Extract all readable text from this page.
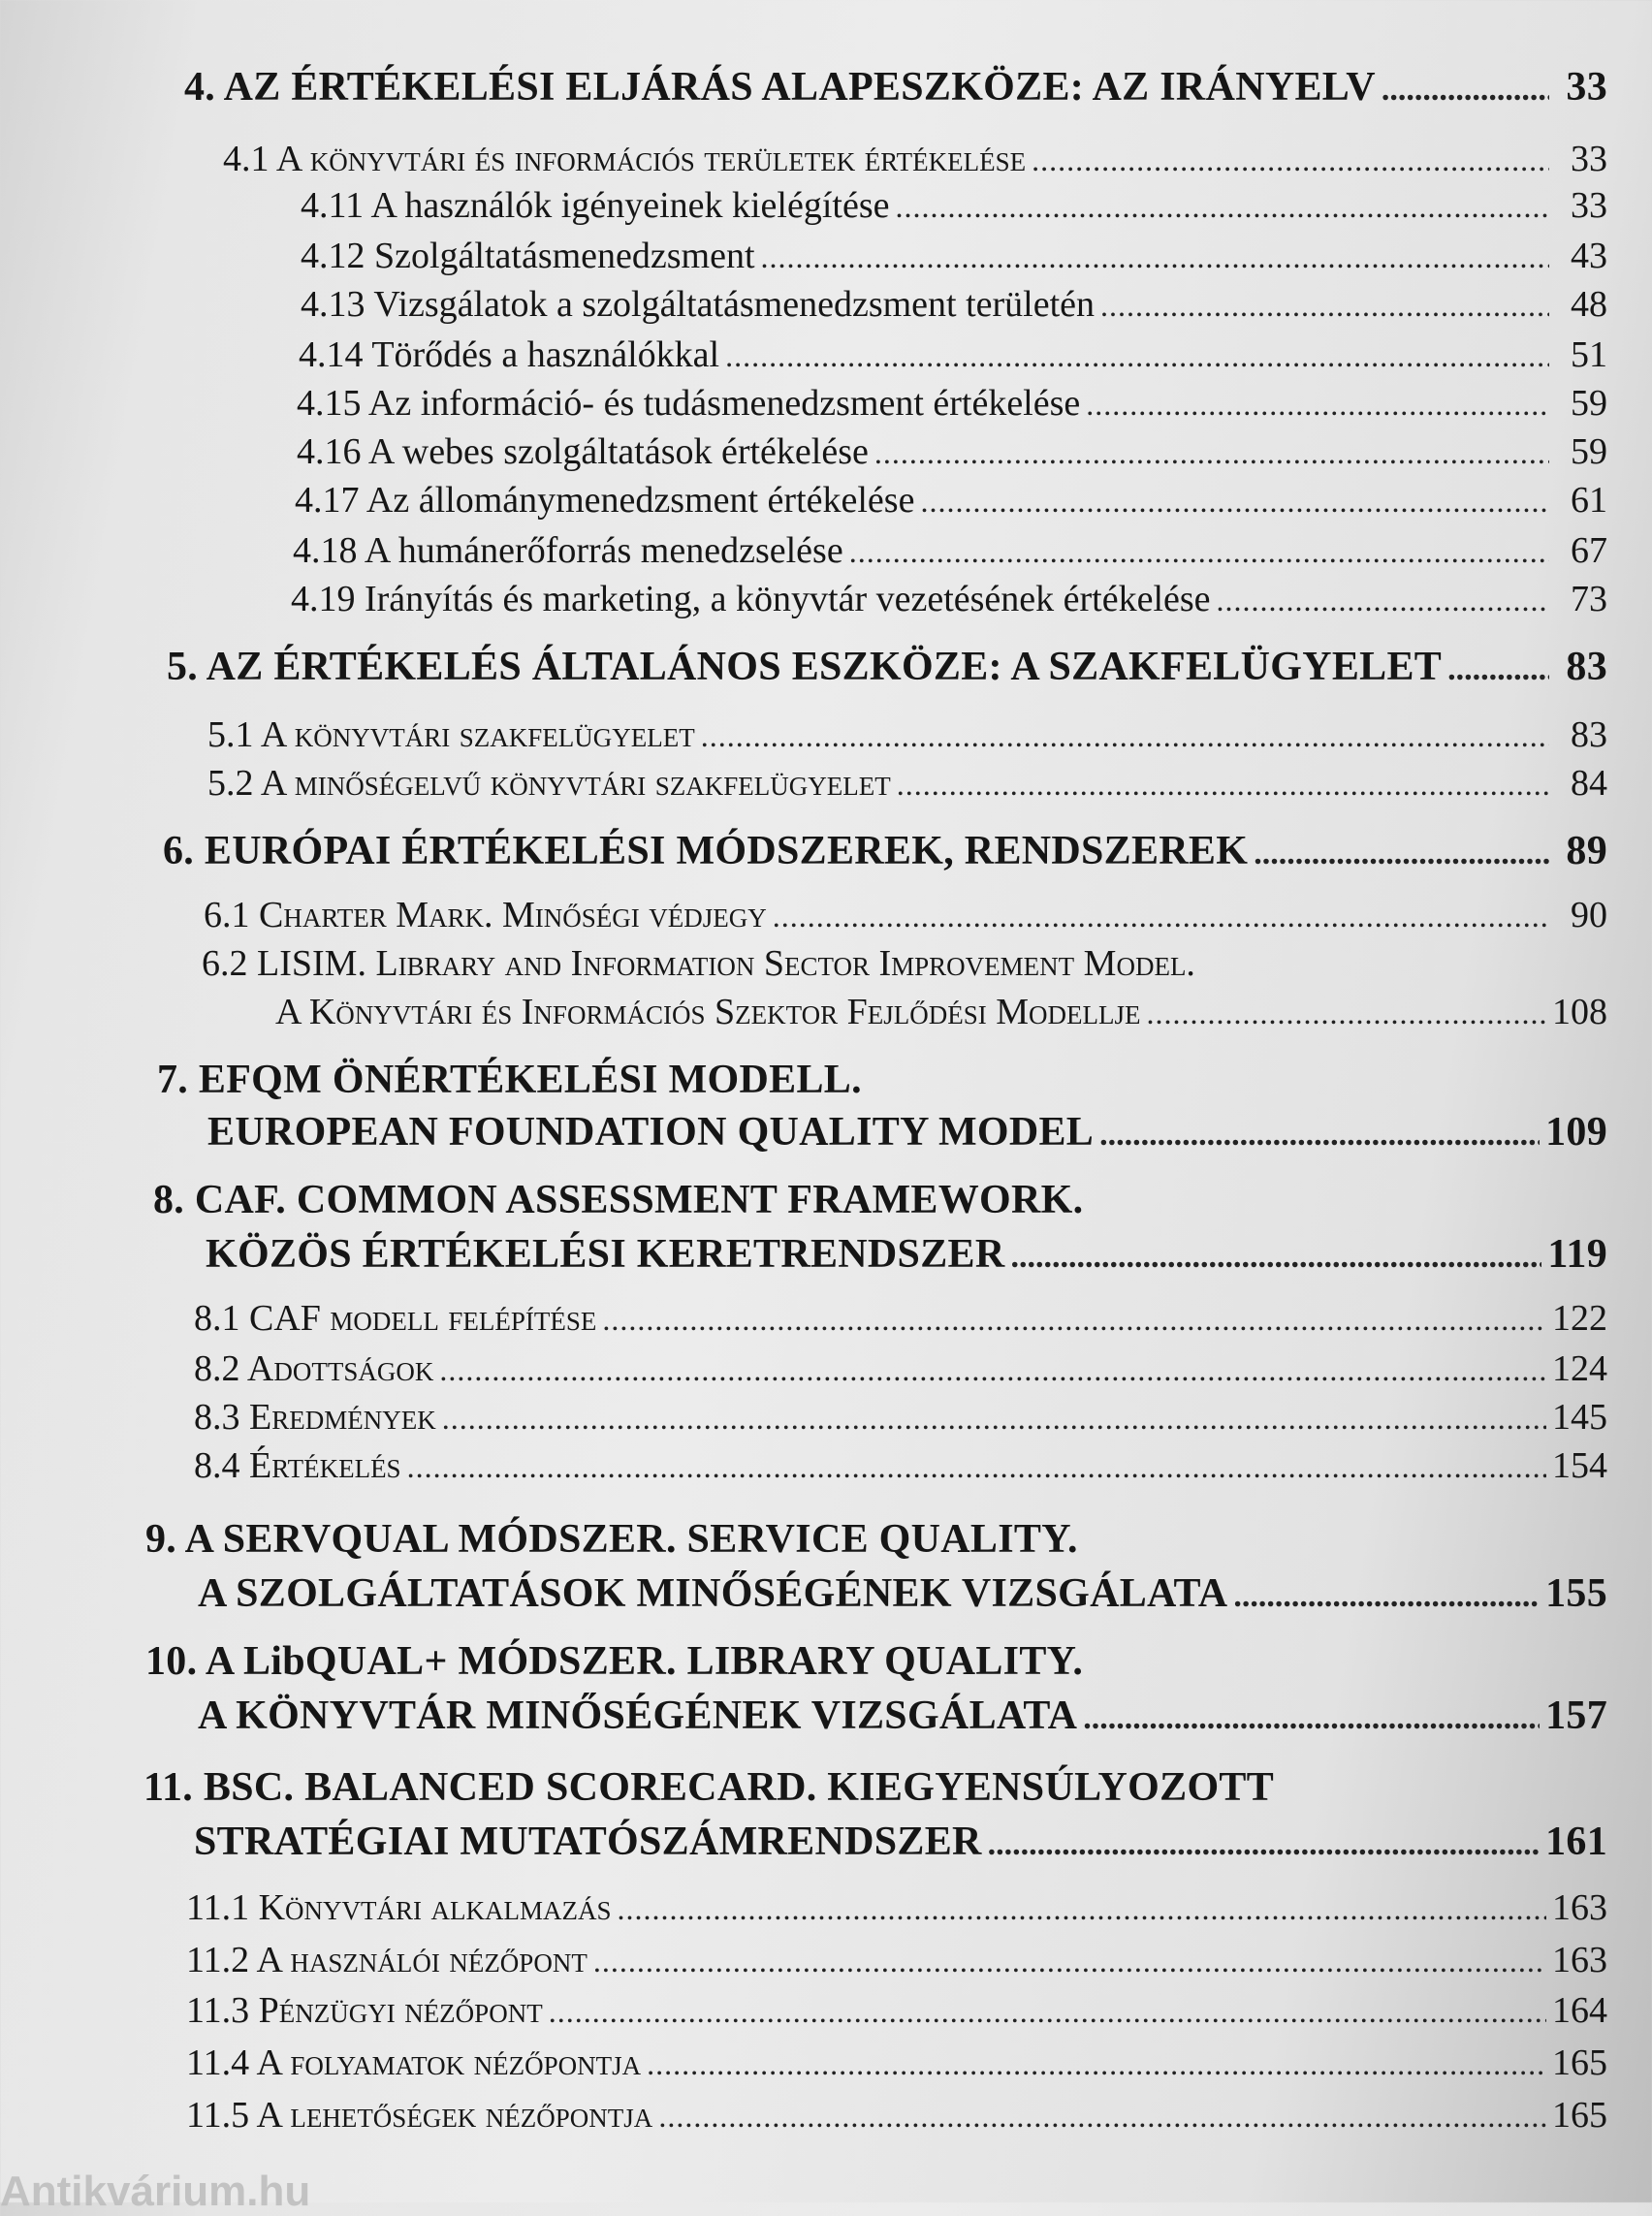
4. AZ ÉRTÉKELÉSI ELJÁRÁS ALAPESZKÖZE: AZ IRÁNYELV .....	33
4.1 A könyvtári és információs területek értékelése .....	33
4.11 A használók igényeinek kielégítése .....	33
4.12 Szolgáltatásmenedzsment .....	43
4.13 Vizsgálatok a szolgáltatásmenedzsment területén .....	48
4.14 Törődés a használókkal .....	51
4.15 Az információ- és tudásmenedzsment értékelése .....	59
4.16 A webes szolgáltatások értékelése .....	59
4.17 Az állománymenedzsment értékelése .....	61
4.18 A humánerőforrás menedzselése .....	67
4.19 Irányítás és marketing, a könyvtár vezetésének értékelése .....	73
5. AZ ÉRTÉKELÉS ÁLTALÁNOS ESZKÖZE: A SZAKFELÜGYELET .....	83
5.1 A könyvtári szakfelügyelet .....	83
5.2 A minőségelvű könyvtári szakfelügyelet .....	84
6. EURÓPAI ÉRTÉKELÉSI MÓDSZEREK, RENDSZEREK .....	89
6.1 Charter Mark. Minőségi védjegy .....	90
6.2 LISIM. Library and Information Sector Improvement Model.
A Könyvtári és Információs Szektor Fejlődési Modellje .....	108
7. EFQM ÖNÉRTÉKELÉSI MODELL.
EUROPEAN FOUNDATION QUALITY MODEL .....	109
8. CAF. COMMON ASSESSMENT FRAMEWORK.
KÖZÖS ÉRTÉKELÉSI KERETRENDSZER .....	119
8.1 CAF modell felépítése .....	122
8.2 Adottságok .....	124
8.3 Eredmények .....	145
8.4 Értékelés .....	154
9. A SERVQUAL MÓDSZER. SERVICE QUALITY.
A SZOLGÁLTATÁSOK MINŐSÉGÉNEK VIZSGÁLATA .....	155
10. A LibQUAL+ MÓDSZER. LIBRARY QUALITY.
A KÖNYVTÁR MINŐSÉGÉNEK VIZSGÁLATA .....	157
11. BSC. BALANCED SCORECARD. KIEGYENSÚLYOZOTT
STRATÉGIAI MUTATÓSZÁMRENDSZER .....	161
11.1 Könyvtári alkalmazás .....	163
11.2 A használói nézőpont .....	163
11.3 Pénzügyi nézőpont .....	164
11.4 A folyamatok nézőpontja .....	165
11.5 A lehetőségek nézőpontja .....	165
Antikvárium.hu
